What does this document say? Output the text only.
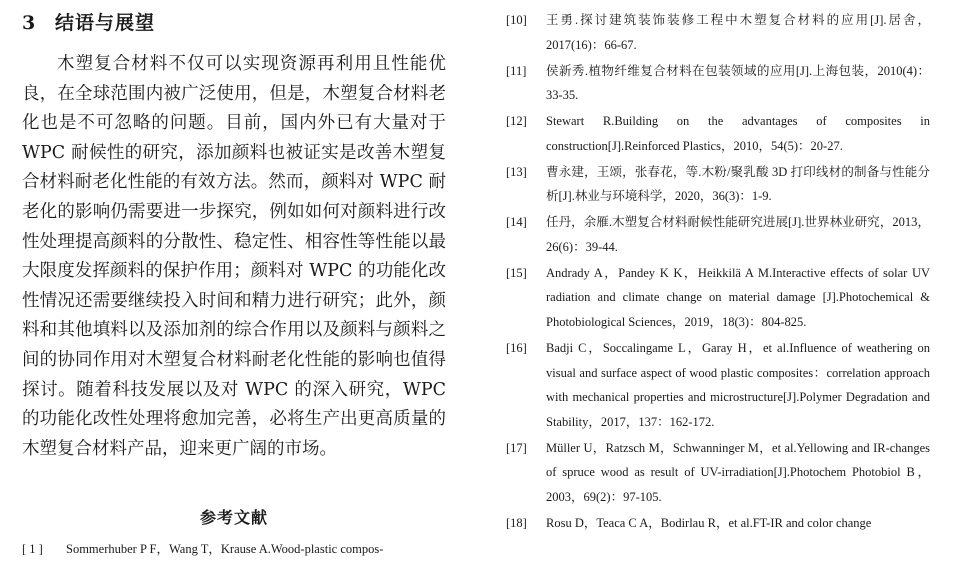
3	结语与展望

木塑复合材料不仅可以实现资源再利用且性能优良，在全球范围内被广泛使用，但是，木塑复合材料老化也是不可忽略的问题。目前，国内外已有大量对于 WPC 耐候性的研究，添加颜料也被证实是改善木塑复合材料耐老化性能的有效方法。然而，颜料对 WPC 耐老化的影响仍需要进一步探究，例如如何对颜料进行改性处理提高颜料的分散性、稳定性、相容性等性能以最大限度发挥颜料的保护作用；颜料对 WPC 的功能化改性情况还需要继续投入时间和精力进行研究；此外，颜料和其他填料以及添加剂的综合作用以及颜料与颜料之间的协同作用对木塑复合材料耐老化性能的影响也值得探讨。随着科技发展以及对 WPC 的深入研究，WPC 的功能化改性处理将愈加完善，必将生产出更高质量的木塑复合材料产品，迎来更广阔的市场。

参考文献
[ 1 ]	Sommerhuber P F，Wang T，Krause A.Wood-plastic compos-
[10]	王勇.探讨建筑装饰装修工程中木塑复合材料的应用[J].居舍，2017(16)：66-67.
[11]	侯新秀.植物纤维复合材料在包装领域的应用[J].上海包装，2010(4)：33-35.
[12]	Stewart R.Building on the advantages of composites in construction[J].Reinforced Plastics，2010，54(5)：20-27.
[13]	曹永建，王颂，张春花，等.木粉/聚乳酸 3D 打印线材的制备与性能分析[J].林业与环境科学，2020，36(3)：1-9.
[14]	任丹，余雁.木塑复合材料耐候性能研究进展[J].世界林业研究，2013，26(6)：39-44.
[15]	Andrady A，Pandey K K，Heikkilä A M.Interactive effects of solar UV radiation and climate change on material damage [J].Photochemical & Photobiological Sciences，2019，18(3)：804-825.
[16]	Badji C，Soccalingame L，Garay H，et al.Influence of weathering on visual and surface aspect of wood plastic composites：correlation approach with mechanical properties and microstructure[J].Polymer Degradation and Stability，2017，137：162-172.
[17]	Müller U，Ratzsch M，Schwanninger M，et al.Yellowing and IR-changes of spruce wood as result of UV-irradiation[J].Photochem Photobiol B，2003，69(2)：97-105.
[18]	Rosu D，Teaca C A，Bodirlau R，et al.FT-IR and color change
